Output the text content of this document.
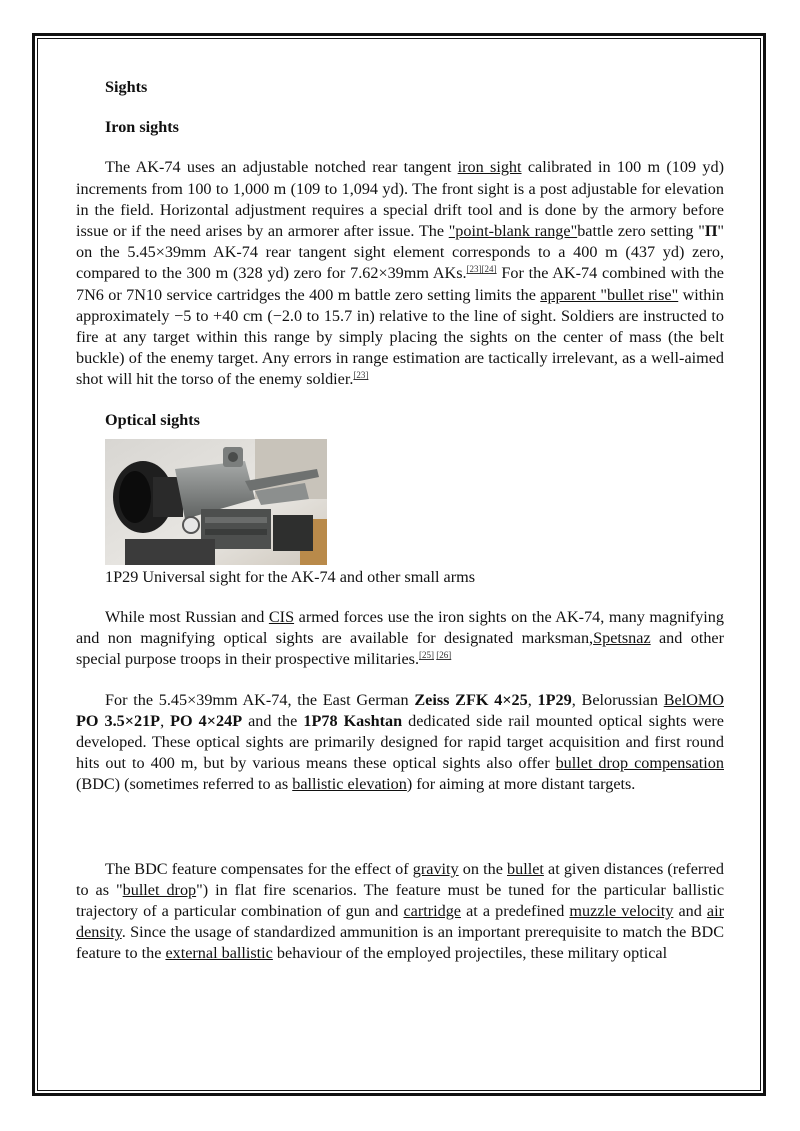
Sights
Iron sights

The AK-74 uses an adjustable notched rear tangent iron sight calibrated in 100 m (109 yd) increments from 100 to 1,000 m (109 to 1,094 yd). The front sight is a post adjustable for elevation in the field. Horizontal adjustment requires a special drift tool and is done by the armory before issue or if the need arises by an armorer after issue. The "point-blank range"battle zero setting "П" on the 5.45×39mm AK-74 rear tangent sight element corresponds to a 400 m (437 yd) zero, compared to the 300 m (328 yd) zero for 7.62×39mm AKs.[23][24] For the AK-74 combined with the 7N6 or 7N10 service cartridges the 400 m battle zero setting limits the apparent "bullet rise" within approximately −5 to +40 cm (−2.0 to 15.7 in) relative to the line of sight. Soldiers are instructed to fire at any target within this range by simply placing the sights on the center of mass (the belt buckle) of the enemy target. Any errors in range estimation are tactically irrelevant, as a well-aimed shot will hit the torso of the enemy soldier.[23]

Optical sights

1P29 Universal sight for the AK-74 and other small arms

While most Russian and CIS armed forces use the iron sights on the AK-74, many magnifying and non magnifying optical sights are available for designated marksman,Spetsnaz and other special purpose troops in their prospective militaries.[25] [26]

For the 5.45×39mm AK-74, the East German Zeiss ZFK 4×25, 1P29, Belorussian BelOMO PO 3.5×21P, PO 4×24P and the 1P78 Kashtan dedicated side rail mounted optical sights were developed. These optical sights are primarily designed for rapid target acquisition and first round hits out to 400 m, but by various means these optical sights also offer bullet drop compensation (BDC) (sometimes referred to as ballistic elevation) for aiming at more distant targets.

The BDC feature compensates for the effect of gravity on the bullet at given distances (referred to as "bullet drop") in flat fire scenarios. The feature must be tuned for the particular ballistic trajectory of a particular combination of gun and cartridge at a predefined muzzle velocity and air density. Since the usage of standardized ammunition is an important prerequisite to match the BDC feature to the external ballistic behaviour of the employed projectiles, these military optical
